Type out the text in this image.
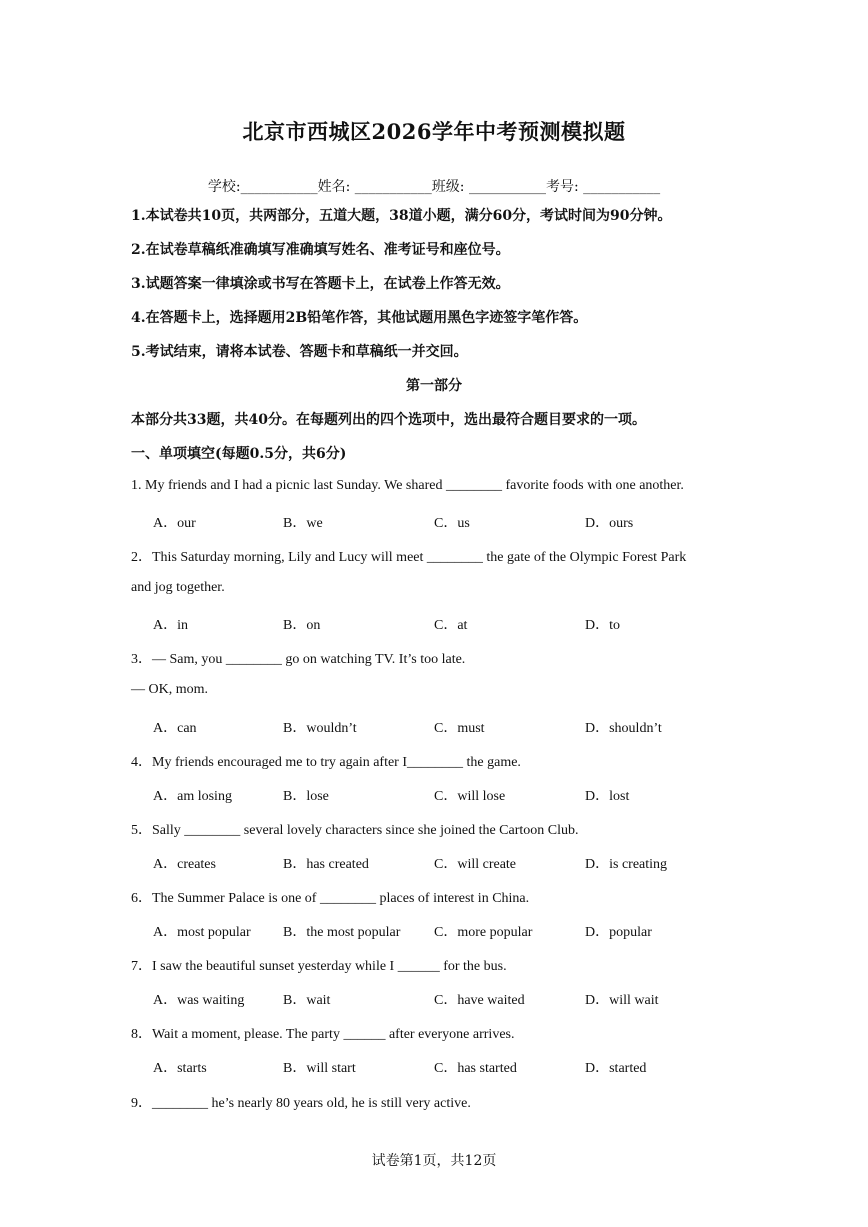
北京市西城区2026学年中考预测模拟题
学校:___________姓名: ___________班级: ___________考号: ___________
1.本试卷共10页，共两部分，五道大题，38道小题，满分60分，考试时间为90分钟。
2.在试卷草稿纸准确填写准确填写姓名、准考证号和座位号。
3.试题答案一律填涂或书写在答题卡上，在试卷上作答无效。
4.在答题卡上，选择题用2B铅笔作答，其他试题用黑色字迹签字笔作答。
5.考试结束，请将本试卷、答题卡和草稿纸一并交回。
第一部分
本部分共33题，共40分。在每题列出的四个选项中，选出最符合题目要求的一项。
一、单项填空(每题0.5分，共6分)
1. My friends and I had a picnic last Sunday. We shared ________ favorite foods with one another.
A．our	B．we	C．us	D．ours
2．This Saturday morning, Lily and Lucy will meet ________ the gate of the Olympic Forest Park
and jog together.
A．in	B．on	C．at	D．to
3．— Sam, you ________ go on watching TV. It’s too late.
— OK, mom.
A．can	B．wouldn’t	C．must	D．shouldn’t
4．My friends encouraged me to try again after I________ the game.
A．am losing	B．lose	C．will lose	D．lost
5．Sally ________ several lovely characters since she joined the Cartoon Club.
A．creates	B．has created	C．will create	D．is creating
6．The Summer Palace is one of ________ places of interest in China.
A．most popular B．the most popular C．more popular	D．popular
7．I saw the beautiful sunset yesterday while I ______ for the bus.
A．was waiting	B．wait	C．have waited	D．will wait
8．Wait a moment, please. The party ______ after everyone arrives.
A．starts	B．will start	C．has started	D．started
9．________ he’s nearly 80 years old, he is still very active.
试卷第1页，共12页
